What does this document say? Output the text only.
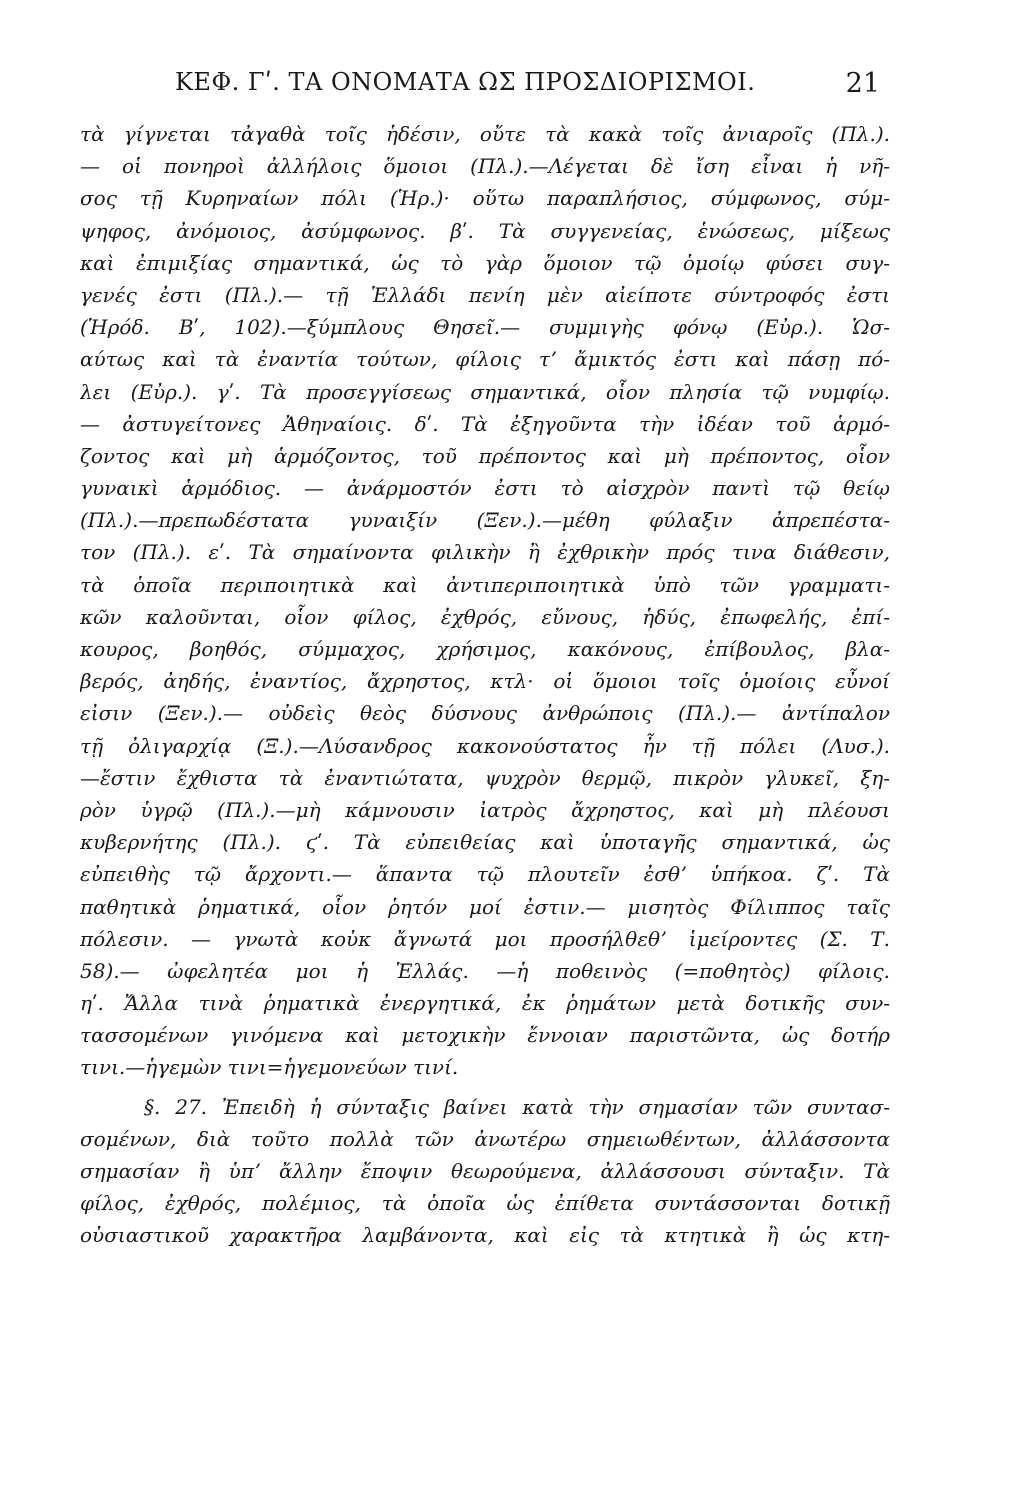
ΚΕΦ. Γʹ. ΤΑ ΟΝΟΜΑΤΑ ΩΣ ΠΡΟΣΔΙΟΡΙΣΜΟΙ.	21
τὰ γίγνεται τἀγαθὰ τοῖς ἡδέσιν, οὔτε τὰ κακὰ τοῖς ἀνιαροῖς (Πλ.).
— οἱ πονηροὶ ἀλλήλοις ὅμοιοι (Πλ.).—Λέγεται δὲ ἴση εἶναι ἡ νῆ-
σος τῇ Κυρηναίων πόλι (Ἡρ.)· οὕτω παραπλήσιος, σύμφωνος, σύμ-
ψηφος, ἀνόμοιος, ἀσύμφωνος. βʹ. Τὰ συγγενείας, ἑνώσεως, μίξεως
καὶ ἐπιμιξίας σημαντικά, ὡς τὸ γὰρ ὅμοιον τῷ ὁμοίῳ φύσει συγ-
γενές ἐστι (Πλ.).— τῇ Ἑλλάδι πενίη μὲν αἰείποτε σύντροφός ἐστι
(Ἡρόδ. Βʹ, 102).—ξύμπλους Θησεῖ.— συμμιγὴς φόνῳ (Εὐρ.). Ὡσ-
αύτως καὶ τὰ ἐναντία τούτων, φίλοις τʼ ἄμικτός ἐστι καὶ πάσῃ πό-
λει (Εὐρ.). γʹ. Τὰ προσεγγίσεως σημαντικά, οἷον πλησία τῷ νυμφίῳ.
— ἀστυγείτονες Ἀθηναίοις. δʹ. Τὰ ἐξηγοῦντα τὴν ἰδέαν τοῦ ἁρμό-
ζοντος καὶ μὴ ἁρμόζοντος, τοῦ πρέποντος καὶ μὴ πρέποντος, οἷον
γυναικὶ ἁρμόδιος. — ἀνάρμοστόν ἐστι τὸ αἰσχρὸν παντὶ τῷ θείῳ
(Πλ.).—πρεπωδέστατα γυναιξίν (Ξεν.).—μέθη φύλαξιν ἀπρεπέστα-
τον (Πλ.). εʹ. Τὰ σημαίνοντα φιλικὴν ἢ ἐχθρικὴν πρός τινα διάθεσιν,
τὰ ὁποῖα περιποιητικὰ καὶ ἀντιπεριποιητικὰ ὑπὸ τῶν γραμματι-
κῶν καλοῦνται, οἷον φίλος, ἐχθρός, εὔνους, ἡδύς, ἐπωφελής, ἐπί-
κουρος, βοηθός, σύμμαχος, χρήσιμος, κακόνους, ἐπίβουλος, βλα-
βερός, ἀηδής, ἐναντίος, ἄχρηστος, κτλ· οἱ ὅμοιοι τοῖς ὁμοίοις εὖνοί
εἰσιν (Ξεν.).— οὐδεὶς θεὸς δύσνους ἀνθρώποις (Πλ.).— ἀντίπαλον
τῇ ὀλιγαρχίᾳ (Ξ.).—Λύσανδρος κακονούστατος ἦν τῇ πόλει (Λυσ.).
—ἔστιν ἔχθιστα τὰ ἐναντιώτατα, ψυχρὸν θερμῷ, πικρὸν γλυκεῖ, ξη-
ρὸν ὑγρῷ (Πλ.).—μὴ κάμνουσιν ἰατρὸς ἄχρηστος, καὶ μὴ πλέουσι
κυβερνήτης (Πλ.). ϛʹ. Τὰ εὐπειθείας καὶ ὑποταγῆς σημαντικά, ὡς
εὐπειθὴς τῷ ἄρχοντι.— ἅπαντα τῷ πλουτεῖν ἐσθʼ ὑπήκοα. ζʹ. Τὰ
παθητικὰ ῥηματικά, οἷον ῥητόν μοί ἐστιν.— μισητὸς Φίλιππος ταῖς
πόλεσιν. — γνωτὰ κοὐκ ἄγνωτά μοι προσήλθεθʼ ἱμείροντες (Σ. Τ.
58).— ὠφελητέα μοι ἡ Ἑλλάς. —ἡ ποθεινὸς (=ποθητὸς) φίλοις.
ηʹ. Ἄλλα τινὰ ῥηματικὰ ἐνεργητικά, ἐκ ῥημάτων μετὰ δοτικῆς συν-
τασσομένων γινόμενα καὶ μετοχικὴν ἔννοιαν παριστῶντα, ὡς δοτήρ
τινι.—ἡγεμὼν τινι=ἡγεμονεύων τινί.
§. 27. Ἐπειδὴ ἡ σύνταξις βαίνει κατὰ τὴν σημασίαν τῶν συντασ-
σομένων, διὰ τοῦτο πολλὰ τῶν ἀνωτέρω σημειωθέντων, ἀλλάσσοντα
σημασίαν ἢ ὑπʼ ἄλλην ἔποψιν θεωρούμενα, ἀλλάσσουσι σύνταξιν. Τὰ
φίλος, ἐχθρός, πολέμιος, τὰ ὁποῖα ὡς ἐπίθετα συντάσσονται δοτικῇ
οὐσιαστικοῦ χαρακτῆρα λαμβάνοντα, καὶ εἰς τὰ κτητικὰ ἢ ὡς κτη-
